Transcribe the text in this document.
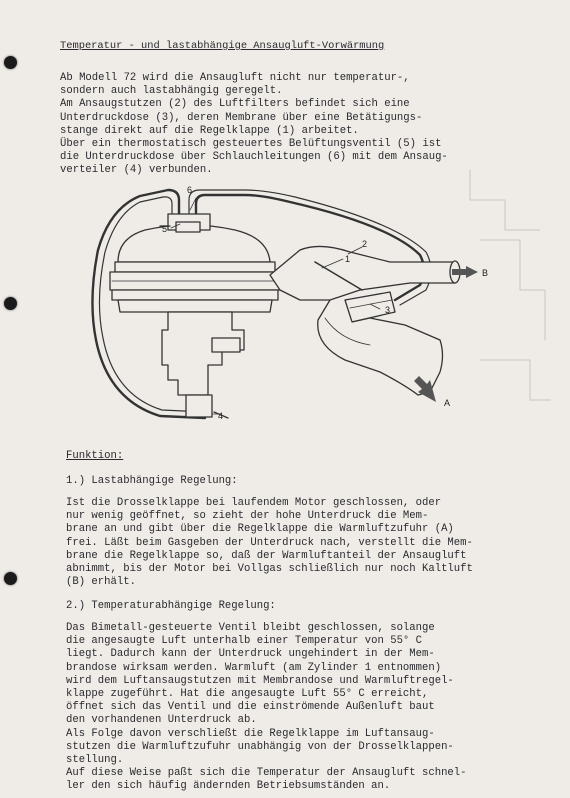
Temperatur - und lastabhängige Ansaugluft-Vorwärmung
Ab Modell 72 wird die Ansaugluft nicht nur temperatur-,
sondern auch lastabhängig geregelt.
Am Ansaugstutzen (2) des Luftfilters befindet sich eine
Unterdruckdose (3), deren Membrane über eine Betätigungs-
stange direkt auf die Regelklappe (1) arbeitet.
Über ein thermostatisch gesteuertes Belüftungsventil (5) ist
die Unterdruckdose über Schlauchleitungen (6) mit dem Ansaug-
verteiler (4) verbunden.
6
5
1
2
3
4
B
A
Funktion:
1.) Lastabhängige Regelung:
Ist die Drosselklappe bei laufendem Motor geschlossen, oder
nur wenig geöffnet, so zieht der hohe Unterdruck die Mem-
brane an und gibt über die Regelklappe die Warmluftzufuhr (A)
frei. Läßt beim Gasgeben der Unterdruck nach, verstellt die Mem-
brane die Regelklappe so, daß der Warmluftanteil der Ansaugluft
abnimmt, bis der Motor bei Vollgas schließlich nur noch Kaltluft
(B) erhält.
2.) Temperaturabhängige Regelung:
Das Bimetall-gesteuerte Ventil bleibt geschlossen, solange
die angesaugte Luft unterhalb einer Temperatur von 55° C
liegt. Dadurch kann der Unterdruck ungehindert in der Mem-
brandose wirksam werden. Warmluft (am Zylinder 1 entnommen)
wird dem Luftansaugstutzen mit Membrandose und Warmluftregel-
klappe zugeführt. Hat die angesaugte Luft 55° C erreicht,
öffnet sich das Ventil und die einströmende Außenluft baut
den vorhandenen Unterdruck ab.
Als Folge davon verschließt die Regelklappe im Luftansaug-
stutzen die Warmluftzufuhr unabhängig von der Drosselklappen-
stellung.
Auf diese Weise paßt sich die Temperatur der Ansaugluft schnel-
ler den sich häufig ändernden Betriebsumständen an.
